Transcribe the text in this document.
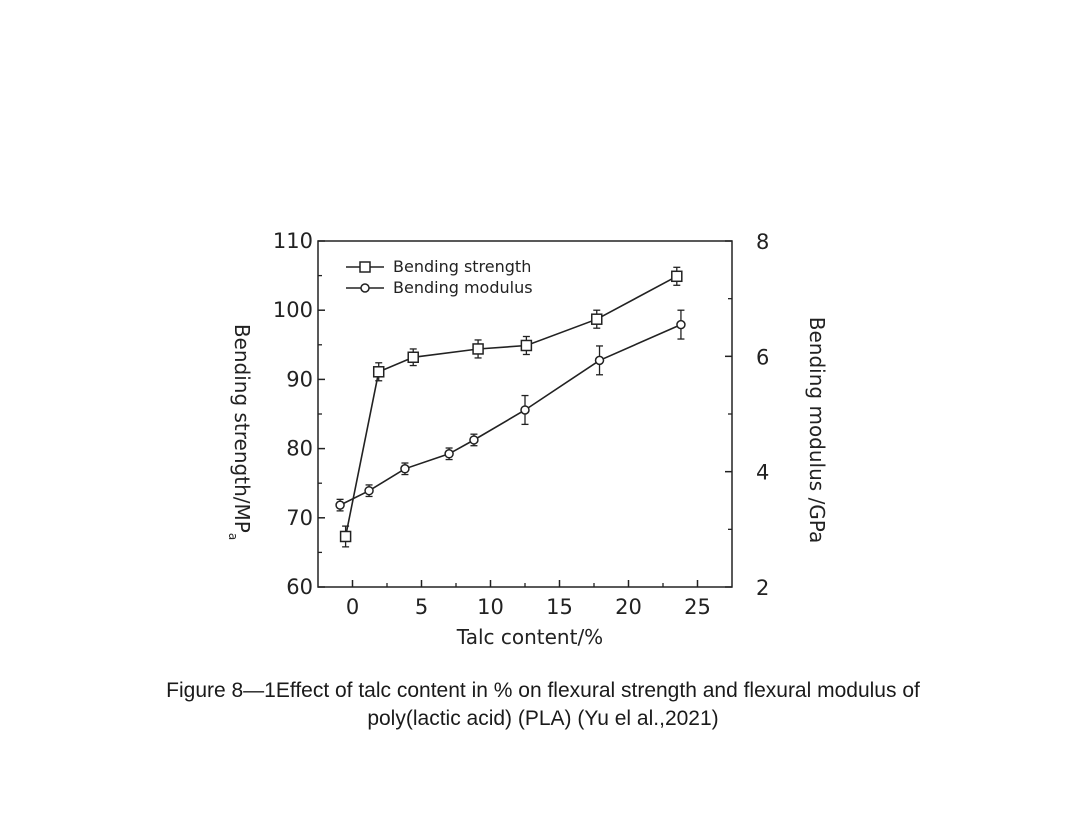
0	5 10 15 20 25
60
70
80
90
100
110
2
4
6
8
Bending strength
Bending modulus
Talc content/%
Bending strength/$MP_a$	Bending modulus /GPa
Figure 8—1Effect of talc content in % on flexural strength and flexural modulus of
poly(lactic acid) (PLA) (Yu el al.,2021)
